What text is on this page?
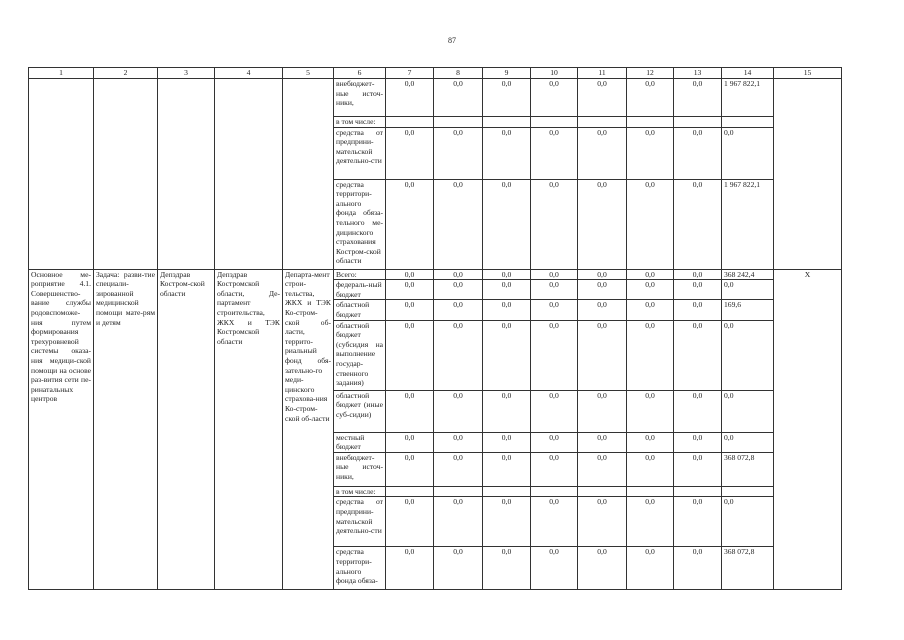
87
1	2	3	4	5	6	7	8	9	10	11	12	13	14	15
					внебюджет-ные источ-ники,	0,0	0,0	0,0	0,0	0,0	0,0	0,0	1 967 822,1	
					в том числе:									
					средства от предприни-мательской деятельно-сти	0,0	0,0	0,0	0,0	0,0	0,0	0,0	0,0	
					средства территори-ального фонда обяза-тельного ме-дицинского страхования Костром-ской области	0,0	0,0	0,0	0,0	0,0	0,0	0,0	1 967 822,1	
Основное ме-роприятие 4.1. Совершенство-вание службы родовспоможе-ния путем формирования трехуровневой системы оказа-ния медици-ской помощи на основе раз-вития сети пе-ринатальных центров	Задача: разви-тие специали-зированной медицинской помощи мате-рям и детям	Депздрав Костром-ской области	Депздрав Костромской области, Де-партамент строительства, ЖКХ и ТЭК Костромской области	Департа-мент строи-тельства, ЖКХ и ТЭК Ко-стром-ской об-ласти, террито-риальный фонд обя-зательно-го меди-цинского страхова-ния Ко-стром-ской об-ласти	Всего:	0,0	0,0	0,0	0,0	0,0	0,0	0,0	368 242,4	X
					федераль-ный бюджет	0,0	0,0	0,0	0,0	0,0	0,0	0,0	0,0	
					областной бюджет	0,0	0,0	0,0	0,0	0,0	0,0	0,0	169,6	
					областной бюджет (субсидия на выполнение государ-ственного задания)	0,0	0,0	0,0	0,0	0,0	0,0	0,0	0,0	
					областной бюджет (иные суб-сидии)	0,0	0,0	0,0	0,0	0,0	0,0	0,0	0,0	
					местный бюджет	0,0	0,0	0,0	0,0	0,0	0,0	0,0	0,0	
					внебюджет-ные источ-ники,	0,0	0,0	0,0	0,0	0,0	0,0	0,0	368 072,8	
					в том числе:									
					средства от предприни-мательской деятельно-сти	0,0	0,0	0,0	0,0	0,0	0,0	0,0	0,0	
					средства территори-ального фонда обяза-	0,0	0,0	0,0	0,0	0,0	0,0	0,0	368 072,8	
